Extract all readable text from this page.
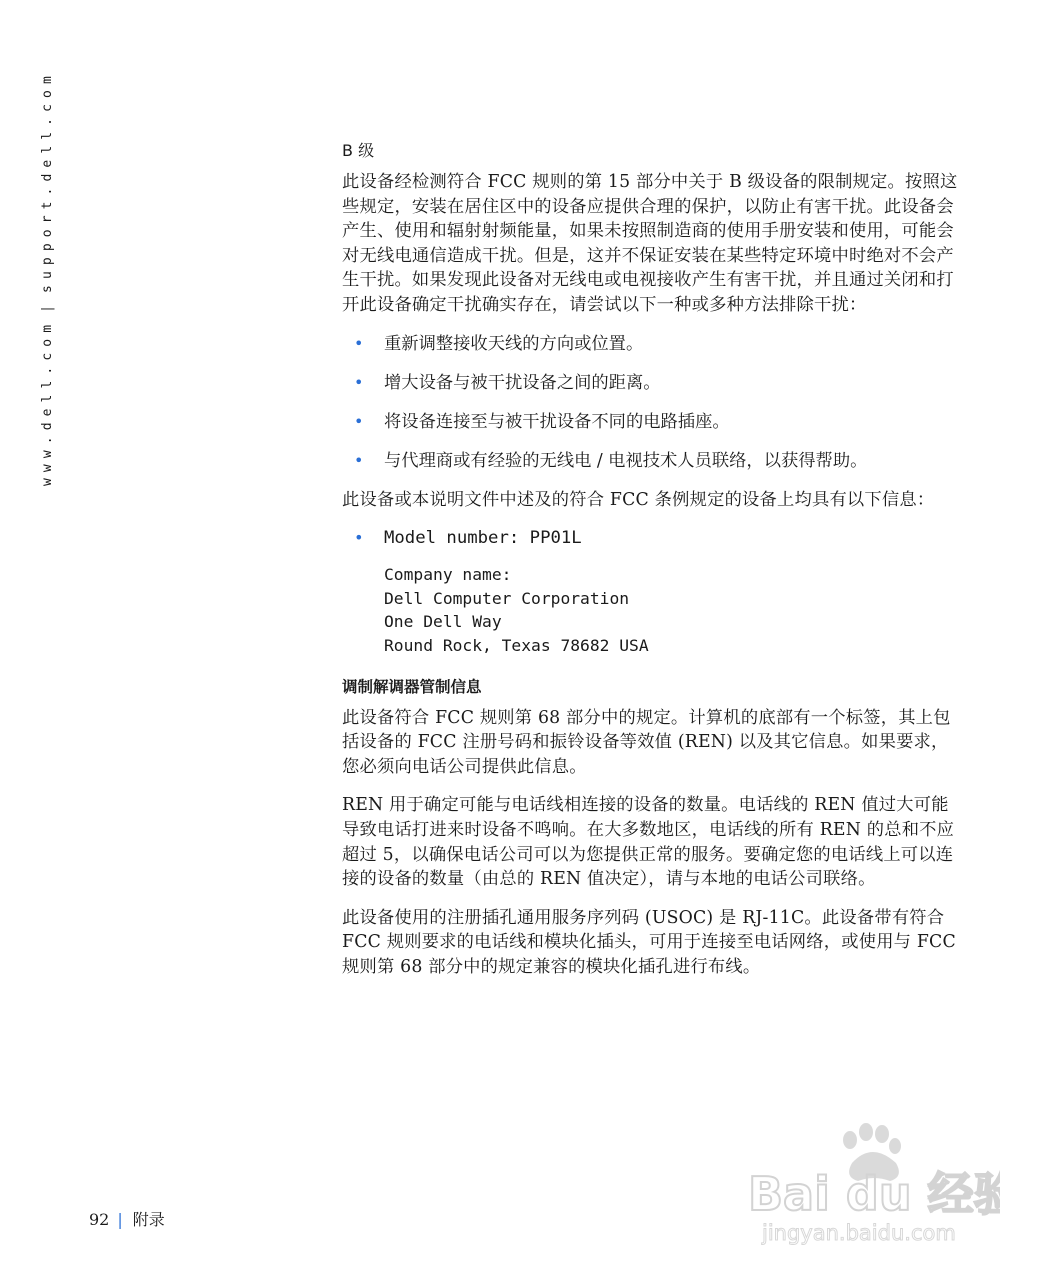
www.dell.com|support.dell.com	B 级

此设备经检测符合 FCC 规则的第 15 部分中关于 B 级设备的限制规定。按照这些规定，安装在居住区中的设备应提供合理的保护，以防止有害干扰。此设备会产生、使用和辐射射频能量，如果未按照制造商的使用手册安装和使用，可能会对无线电通信造成干扰。但是，这并不保证安装在某些特定环境中时绝对不会产生干扰。如果发现此设备对无线电或电视接收产生有害干扰，并且通过关闭和打开此设备确定干扰确实存在，请尝试以下一种或多种方法排除干扰：

• 重新调整接收天线的方向或位置。
• 增大设备与被干扰设备之间的距离。
• 将设备连接至与被干扰设备不同的电路插座。
• 与代理商或有经验的无线电 / 电视技术人员联络，以获得帮助。

此设备或本说明文件中述及的符合 FCC 条例规定的设备上均具有以下信息：

• Model number: PP01L
Company name:
Dell Computer Corporation
One Dell Way
Round Rock, Texas 78682 USA
调制解调器管制信息

此设备符合 FCC 规则第 68 部分中的规定。计算机的底部有一个标签，其上包括设备的 FCC 注册号码和振铃设备等效值 (REN) 以及其它信息。如果要求，您必须向电话公司提供此信息。

REN 用于确定可能与电话线相连接的设备的数量。电话线的 REN 值过大可能导致电话打进来时设备不鸣响。在大多数地区，电话线的所有 REN 的总和不应超过 5，以确保电话公司可以为您提供正常的服务。要确定您的电话线上可以连接的设备的数量（由总的 REN 值决定），请与本地的电话公司联络。

此设备使用的注册插孔通用服务序列码 (USOC) 是 RJ-11C。此设备带有符合 FCC 规则要求的电话线和模块化插头，可用于连接至电话网络，或使用与 FCC 规则第 68 部分中的规定兼容的模块化插孔进行布线。

92 | 附录	Bai du 经验
jingyan.baidu.com
